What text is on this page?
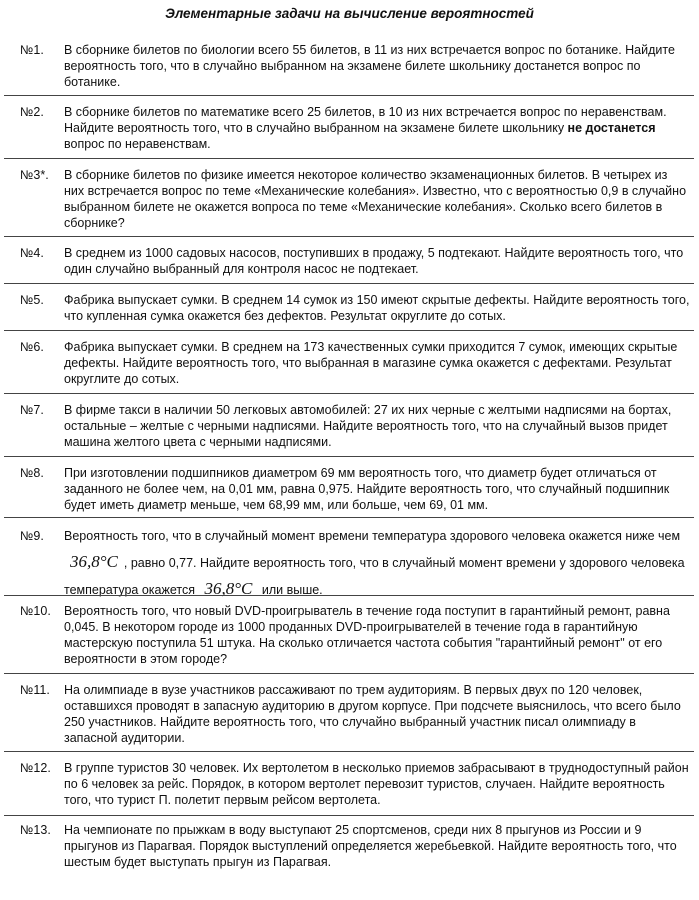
Элементарные задачи на вычисление вероятностей
№1. В сборнике билетов по биологии всего 55 билетов, в 11 из них встречается вопрос по ботанике. Найдите вероятность того, что в случайно выбранном на экзамене билете школьнику достанется вопрос по ботанике.

№2. В сборнике билетов по математике всего 25 билетов, в 10 из них встречается вопрос по неравенствам. Найдите вероятность того, что в случайно выбранном на экзамене билете школьнику не достанется вопрос по неравенствам.

№3*. В сборнике билетов по физике имеется некоторое количество экзаменационных билетов. В четырех из них встречается вопрос по теме «Механические колебания». Известно, что с вероятностью 0,9 в случайно выбранном билете не окажется вопроса по теме «Механические колебания». Сколько всего билетов в сборнике?

№4. В среднем из 1000 садовых насосов, поступивших в продажу, 5 подтекают. Найдите вероятность того, что один случайно выбранный для контроля насос не подтекает.

№5. Фабрика выпускает сумки. В среднем 14 сумок из 150 имеют скрытые дефекты. Найдите вероятность того, что купленная сумка окажется без дефектов. Результат округлите до сотых.

№6. Фабрика выпускает сумки. В среднем на 173 качественных сумки приходится 7 сумок, имеющих скрытые дефекты. Найдите вероятность того, что выбранная в магазине сумка окажется с дефектами. Результат округлите до сотых.

№7. В фирме такси в наличии 50 легковых автомобилей: 27 их них черные с желтыми надписями на бортах, остальные – желтые с черными надписями. Найдите вероятность того, что на случайный вызов придет машина желтого цвета с черными надписями.

№8. При изготовлении подшипников диаметром 69 мм вероятность того, что диаметр будет отличаться от заданного не более чем, на 0,01 мм, равна 0,975. Найдите вероятность того, что случайный подшипник будет иметь диаметр меньше, чем 68,99 мм, или больше, чем 69, 01 мм.

№9. Вероятность того, что в случайный момент времени температура здорового человека окажется ниже чем 36,8°C , равно 0,77. Найдите вероятность того, что в случайный момент времени у здорового человека температура окажется 36,8°C или выше.

№10. Вероятность того, что новый DVD-проигрыватель в течение года поступит в гарантийный ремонт, равна 0,045. В некотором городе из 1000 проданных DVD-проигрывателей в течение года в гарантийную мастерскую поступила 51 штука. На сколько отличается частота события "гарантийный ремонт" от его вероятности в этом городе?

№11. На олимпиаде в вузе участников рассаживают по трем аудиториям. В первых двух по 120 человек, оставшихся проводят в запасную аудиторию в другом корпусе. При подсчете выяснилось, что всего было 250 участников. Найдите вероятность того, что случайно выбранный участник писал олимпиаду в запасной аудитории.

№12. В группе туристов 30 человек. Их вертолетом в несколько приемов забрасывают в труднодоступный район по 6 человек за рейс. Порядок, в котором вертолет перевозит туристов, случаен. Найдите вероятность того, что турист П. полетит первым рейсом вертолета.

№13. На чемпионате по прыжкам в воду выступают 25 спортсменов, среди них 8 прыгунов из России и 9 прыгунов из Парагвая. Порядок выступлений определяется жеребьевкой. Найдите вероятность того, что шестым будет выступать прыгун из Парагвая.
